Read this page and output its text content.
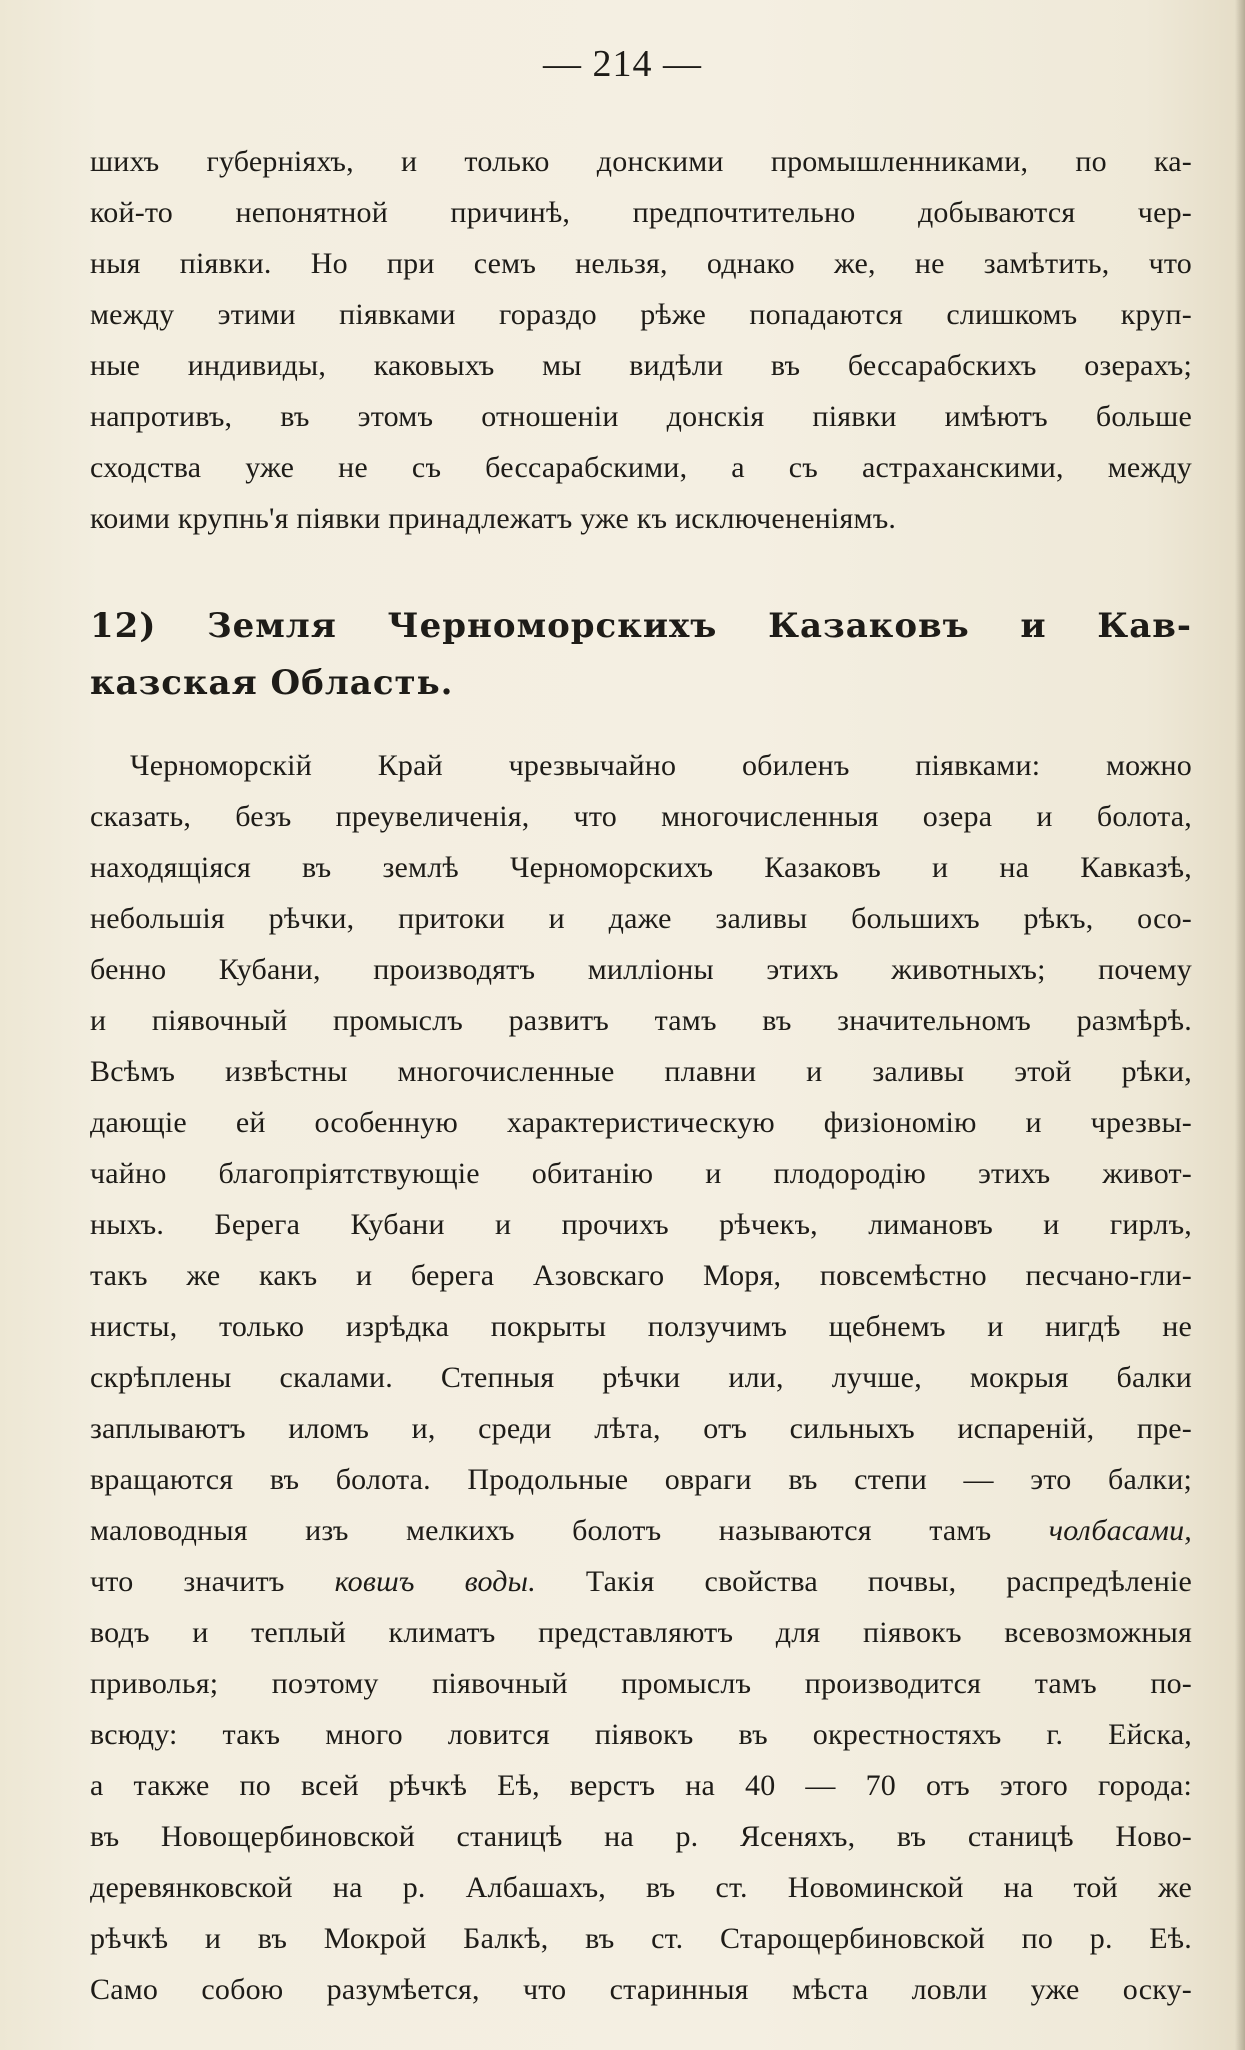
— 214 —
шихъ губерніяхъ, и только донскими промышленниками, по ка-
кой-то непонятной причинѣ, предпочтительно добываются чер-
ныя піявки. Но при семъ нельзя, однако же, не замѣтить, что
между этими піявками гораздо рѣже попадаются слишкомъ круп-
ные индивиды, каковыхъ мы видѣли въ бессарабскихъ озерахъ;
напротивъ, въ этомъ отношеніи донскія піявки имѣютъ больше
сходства уже не съ бессарабскими, а съ астраханскими, между
коими крупнь'я піявки принадлежатъ уже къ исключененіямъ.
12) Земля Черноморскихъ Казаковъ и Кав-
казская Область.
Черноморскій Край чрезвычайно обиленъ піявками: можно
сказать, безъ преувеличенія, что многочисленныя озера и болота,
находящіяся въ землѣ Черноморскихъ Казаковъ и на Кавказѣ,
небольшія рѣчки, притоки и даже заливы большихъ рѣкъ, осо-
бенно Кубани, производятъ милліоны этихъ животныхъ; почему
и піявочный промыслъ развитъ тамъ въ значительномъ размѣрѣ.
Всѣмъ извѣстны многочисленные плавни и заливы этой рѣки,
дающіе ей особенную характеристическую физіономію и чрезвы-
чайно благопріятствующіе обитанію и плодородію этихъ живот-
ныхъ. Берега Кубани и прочихъ рѣчекъ, лимановъ и гирлъ,
такъ же какъ и берега Азовскаго Моря, повсемѣстно песчано-гли-
нисты, только изрѣдка покрыты ползучимъ щебнемъ и нигдѣ не
скрѣплены скалами. Степныя рѣчки или, лучше, мокрыя балки
заплываютъ иломъ и, среди лѣта, отъ сильныхъ испареній, пре-
вращаются въ болота. Продольные овраги въ степи — это балки;
маловодныя изъ мелкихъ болотъ называются тамъ чолбасами,
что значитъ ковшъ воды. Такія свойства почвы, распредѣленіе
водъ и теплый климатъ представляютъ для піявокъ всевозможныя
приволья; поэтому піявочный промыслъ производится тамъ по-
всюду: такъ много ловится піявокъ въ окрестностяхъ г. Ейска,
а также по всей рѣчкѣ Еѣ, верстъ на 40 — 70 отъ этого города:
въ Новощербиновской станицѣ на р. Ясеняхъ, въ станицѣ Ново-
деревянковской на р. Албашахъ, въ ст. Новоминской на той же
рѣчкѣ и въ Мокрой Балкѣ, въ ст. Старощербиновской по р. Еѣ.
Само собою разумѣется, что старинныя мѣста ловли уже оску-
